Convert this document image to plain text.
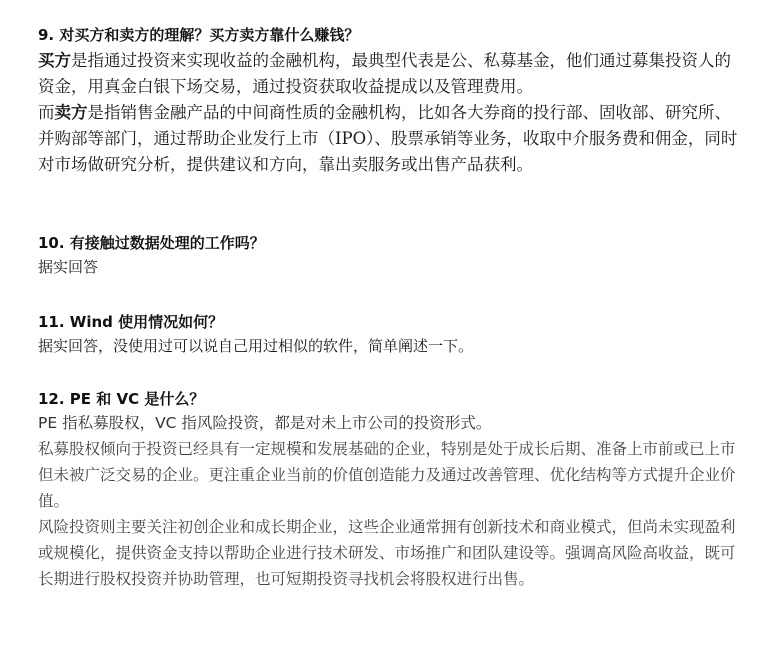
9. 对买方和卖方的理解？买方卖方靠什么赚钱？

买方是指通过投资来实现收益的金融机构，最典型代表是公、私募基金，他们通过募集投资人的资金，用真金白银下场交易，通过投资获取收益提成以及管理费用。

而卖方是指销售金融产品的中间商性质的金融机构，比如各大券商的投行部、固收部、研究所、并购部等部门，通过帮助企业发行上市（IPO）、股票承销等业务，收取中介服务费和佣金，同时对市场做研究分析，提供建议和方向，靠出卖服务或出售产品获利。

10. 有接触过数据处理的工作吗？

据实回答

11. Wind 使用情况如何？

据实回答，没使用过可以说自己用过相似的软件，简单阐述一下。

12. PE 和 VC 是什么？

PE 指私募股权，VC 指风险投资，都是对未上市公司的投资形式。

私募股权倾向于投资已经具有一定规模和发展基础的企业，特别是处于成长后期、准备上市前或已上市但未被广泛交易的企业。更注重企业当前的价值创造能力及通过改善管理、优化结构等方式提升企业价值。

风险投资则主要关注初创企业和成长期企业，这些企业通常拥有创新技术和商业模式，但尚未实现盈利或规模化，提供资金支持以帮助企业进行技术研发、市场推广和团队建设等。强调高风险高收益，既可长期进行股权投资并协助管理，也可短期投资寻找机会将股权进行出售。
